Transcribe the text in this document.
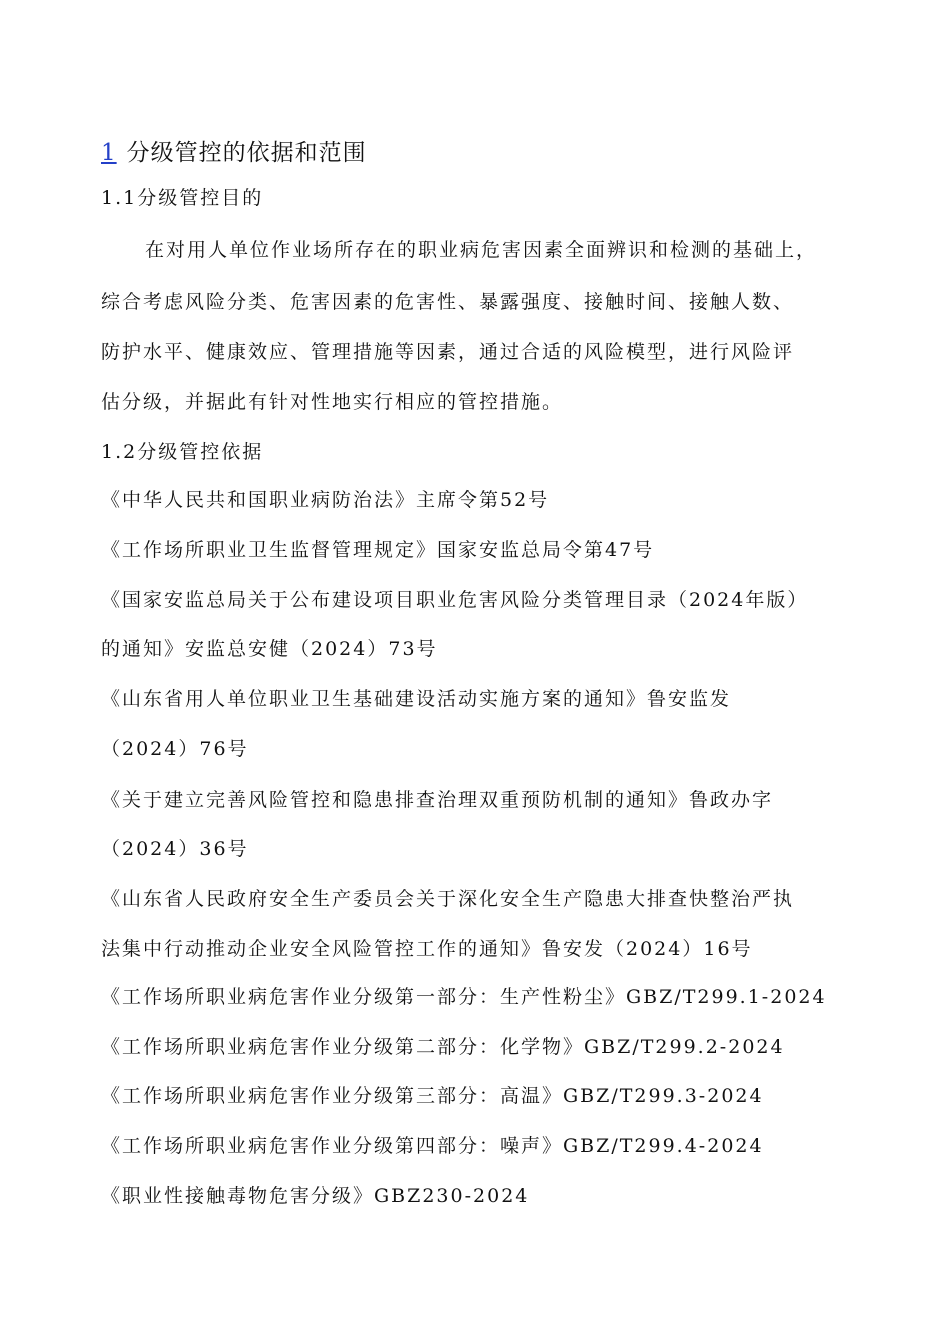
1 分级管控的依据和范围
1.1分级管控目的
在对用人单位作业场所存在的职业病危害因素全面辨识和检测的基础上，
综合考虑风险分类、危害因素的危害性、暴露强度、接触时间、接触人数、
防护水平、健康效应、管理措施等因素，通过合适的风险模型，进行风险评
估分级，并据此有针对性地实行相应的管控措施。
1.2分级管控依据
《中华人民共和国职业病防治法》主席令第52号
《工作场所职业卫生监督管理规定》国家安监总局令第47号
《国家安监总局关于公布建设项目职业危害风险分类管理目录（2024年版）
的通知》安监总安健（2024）73号
《山东省用人单位职业卫生基础建设活动实施方案的通知》鲁安监发
（2024）76号
《关于建立完善风险管控和隐患排查治理双重预防机制的通知》鲁政办字
（2024）36号
《山东省人民政府安全生产委员会关于深化安全生产隐患大排查快整治严执
法集中行动推动企业安全风险管控工作的通知》鲁安发（2024）16号
《工作场所职业病危害作业分级第一部分：生产性粉尘》GBZ/T299.1-2024
《工作场所职业病危害作业分级第二部分：化学物》GBZ/T299.2-2024
《工作场所职业病危害作业分级第三部分：高温》GBZ/T299.3-2024
《工作场所职业病危害作业分级第四部分：噪声》GBZ/T299.4-2024
《职业性接触毒物危害分级》GBZ230-2024
